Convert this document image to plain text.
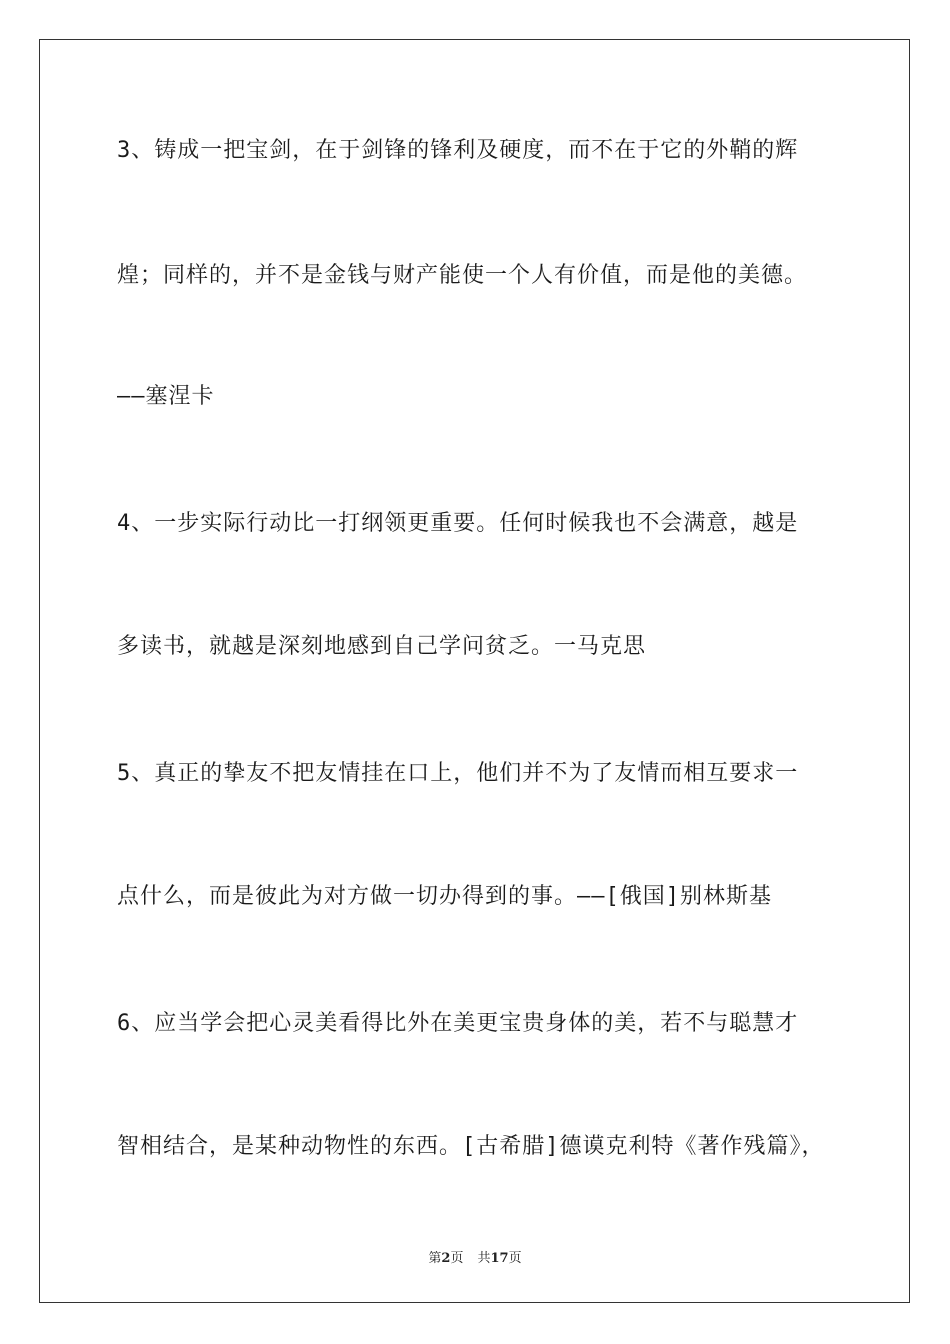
3、铸成一把宝剑，在于剑锋的锋利及硬度，而不在于它的外鞘的辉
煌；同样的，并不是金钱与财产能使一个人有价值，而是他的美德。
——塞涅卡
4、一步实际行动比一打纲领更重要。任何时候我也不会满意，越是
多读书，就越是深刻地感到自己学问贫乏。一马克思
5、真正的挚友不把友情挂在口上，他们并不为了友情而相互要求一
点什么，而是彼此为对方做一切办得到的事。——[俄国]别林斯基
6、应当学会把心灵美看得比外在美更宝贵身体的美，若不与聪慧才
智相结合，是某种动物性的东西。[古希腊]德谟克利特《著作残篇》，
第2页 共17页
